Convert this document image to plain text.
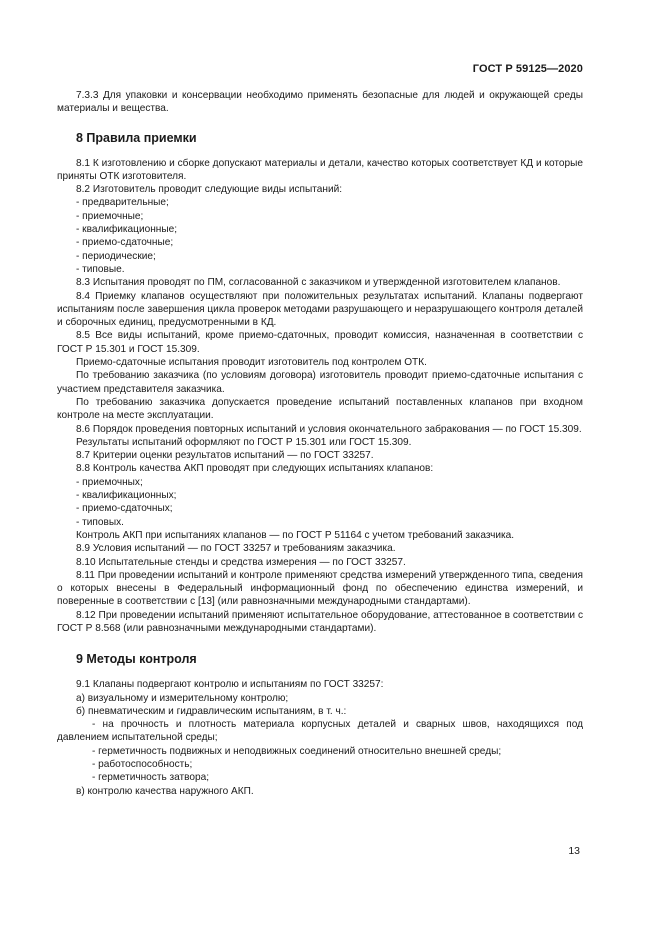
ГОСТ Р 59125—2020

7.3.3 Для упаковки и консервации необходимо применять безопасные для людей и окружающей среды материалы и вещества.

8 Правила приемки

8.1 К изготовлению и сборке допускают материалы и детали, качество которых соответствует КД и которые приняты ОТК изготовителя.

8.2 Изготовитель проводит следующие виды испытаний:

- предварительные;

- приемочные;

- квалификационные;

- приемо-сдаточные;

- периодические;

- типовые.

8.3 Испытания проводят по ПМ, согласованной с заказчиком и утвержденной изготовителем клапанов.

8.4 Приемку клапанов осуществляют при положительных результатах испытаний. Клапаны подвергают испытаниям после завершения цикла проверок методами разрушающего и неразрушающего контроля деталей и сборочных единиц, предусмотренными в КД.

8.5 Все виды испытаний, кроме приемо-сдаточных, проводит комиссия, назначенная в соответствии с ГОСТ Р 15.301 и ГОСТ 15.309.

Приемо-сдаточные испытания проводит изготовитель под контролем ОТК.

По требованию заказчика (по условиям договора) изготовитель проводит приемо-сдаточные испытания с участием представителя заказчика.

По требованию заказчика допускается проведение испытаний поставленных клапанов при входном контроле на месте эксплуатации.

8.6 Порядок проведения повторных испытаний и условия окончательного забракования — по ГОСТ 15.309.

Результаты испытаний оформляют по ГОСТ Р 15.301 или ГОСТ 15.309.

8.7 Критерии оценки результатов испытаний — по ГОСТ 33257.

8.8 Контроль качества АКП проводят при следующих испытаниях клапанов:

- приемочных;

- квалификационных;

- приемо-сдаточных;

- типовых.

Контроль АКП при испытаниях клапанов — по ГОСТ Р 51164 с учетом требований заказчика.

8.9 Условия испытаний — по ГОСТ 33257 и требованиям заказчика.

8.10 Испытательные стенды и средства измерения — по ГОСТ 33257.

8.11 При проведении испытаний и контроле применяют средства измерений утвержденного типа, сведения о которых внесены в Федеральный информационный фонд по обеспечению единства измерений, и поверенные в соответствии с [13] (или равнозначными международными стандартами).

8.12 При проведении испытаний применяют испытательное оборудование, аттестованное в соответствии с ГОСТ Р 8.568 (или равнозначными международными стандартами).

9 Методы контроля

9.1 Клапаны подвергают контролю и испытаниям по ГОСТ 33257:

а) визуальному и измерительному контролю;

б) пневматическим и гидравлическим испытаниям, в т. ч.:

- на прочность и плотность материала корпусных деталей и сварных швов, находящихся под давлением испытательной среды;

- герметичность подвижных и неподвижных соединений относительно внешней среды;

- работоспособность;

- герметичность затвора;

в) контролю качества наружного АКП.

13
